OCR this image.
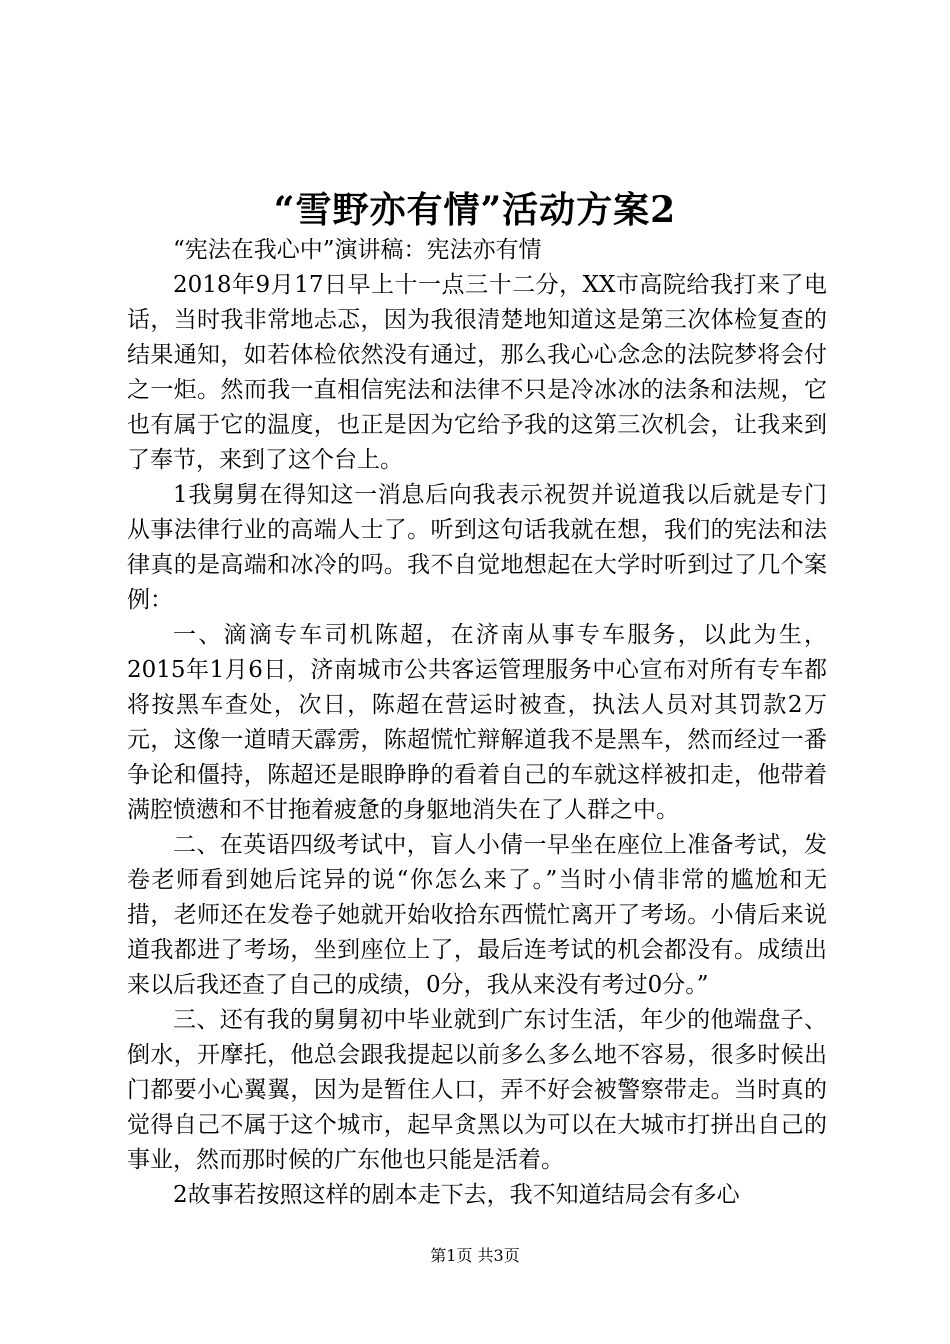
“雪野亦有情”活动方案2

“宪法在我心中”演讲稿：宪法亦有情

2018年9月17日早上十一点三十二分，XX市高院给我打来了电话，当时我非常地忐忑，因为我很清楚地知道这是第三次体检复查的结果通知，如若体检依然没有通过，那么我心心念念的法院梦将会付之一炬。然而我一直相信宪法和法律不只是冷冰冰的法条和法规，它也有属于它的温度，也正是因为它给予我的这第三次机会，让我来到了奉节，来到了这个台上。

1我舅舅在得知这一消息后向我表示祝贺并说道我以后就是专门从事法律行业的高端人士了。听到这句话我就在想，我们的宪法和法律真的是高端和冰冷的吗。我不自觉地想起在大学时听到过了几个案例：

一、滴滴专车司机陈超，在济南从事专车服务，以此为生，2015年1月6日，济南城市公共客运管理服务中心宣布对所有专车都将按黑车查处，次日，陈超在营运时被查，执法人员对其罚款2万元，这像一道晴天霹雳，陈超慌忙辩解道我不是黑车，然而经过一番争论和僵持，陈超还是眼睁睁的看着自己的车就这样被扣走，他带着满腔愤懑和不甘拖着疲惫的身躯地消失在了人群之中。

二、在英语四级考试中，盲人小倩一早坐在座位上准备考试，发卷老师看到她后诧异的说“你怎么来了。”当时小倩非常的尴尬和无措，老师还在发卷子她就开始收拾东西慌忙离开了考场。小倩后来说道我都进了考场，坐到座位上了，最后连考试的机会都没有。成绩出来以后我还查了自己的成绩，0分，我从来没有考过0分。”

三、还有我的舅舅初中毕业就到广东讨生活，年少的他端盘子、倒水，开摩托，他总会跟我提起以前多么多么地不容易，很多时候出门都要小心翼翼，因为是暂住人口，弄不好会被警察带走。当时真的觉得自己不属于这个城市，起早贪黑以为可以在大城市打拼出自己的事业，然而那时候的广东他也只能是活着。

2故事若按照这样的剧本走下去，我不知道结局会有多心

第1页 共3页
